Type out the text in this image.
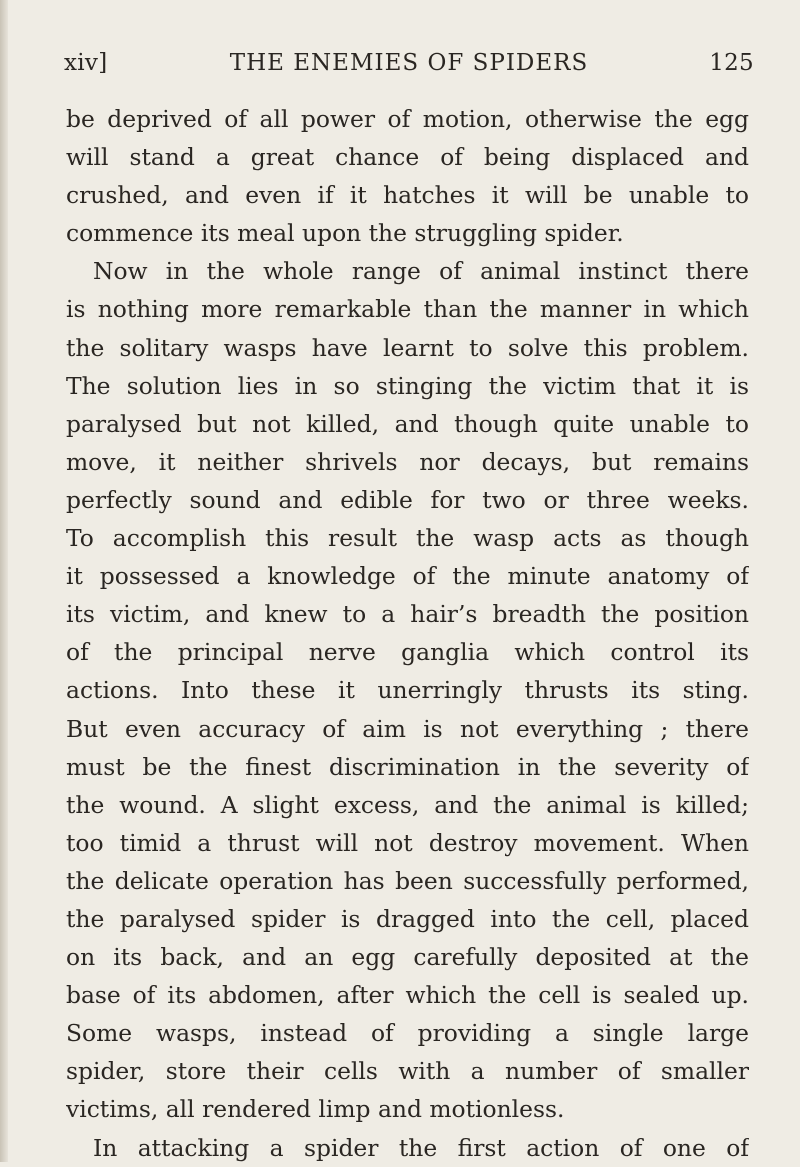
xiv]	THE ENEMIES OF SPIDERS	125
be deprived of all power of motion, otherwise the egg
will stand a great chance of being displaced and
crushed, and even if it hatches it will be unable to
commence its meal upon the struggling spider.
Now in the whole range of animal instinct there
is nothing more remarkable than the manner in which
the solitary wasps have learnt to solve this problem.
The solution lies in so stinging the victim that it is
paralysed but not killed, and though quite unable to
move, it neither shrivels nor decays, but remains
perfectly sound and edible for two or three weeks.
To accomplish this result the wasp acts as though
it possessed a knowledge of the minute anatomy of
its victim, and knew to a hair’s breadth the position
of the principal nerve ganglia which control its
actions. Into these it unerringly thrusts its sting.
But even accuracy of aim is not everything ; there
must be the finest discrimination in the severity of
the wound. A slight excess, and the animal is killed;
too timid a thrust will not destroy movement. When
the delicate operation has been successfully performed,
the paralysed spider is dragged into the cell, placed
on its back, and an egg carefully deposited at the
base of its abdomen, after which the cell is sealed up.
Some wasps, instead of providing a single large
spider, store their cells with a number of smaller
victims, all rendered limp and motionless.
In attacking a spider the first action of one of
